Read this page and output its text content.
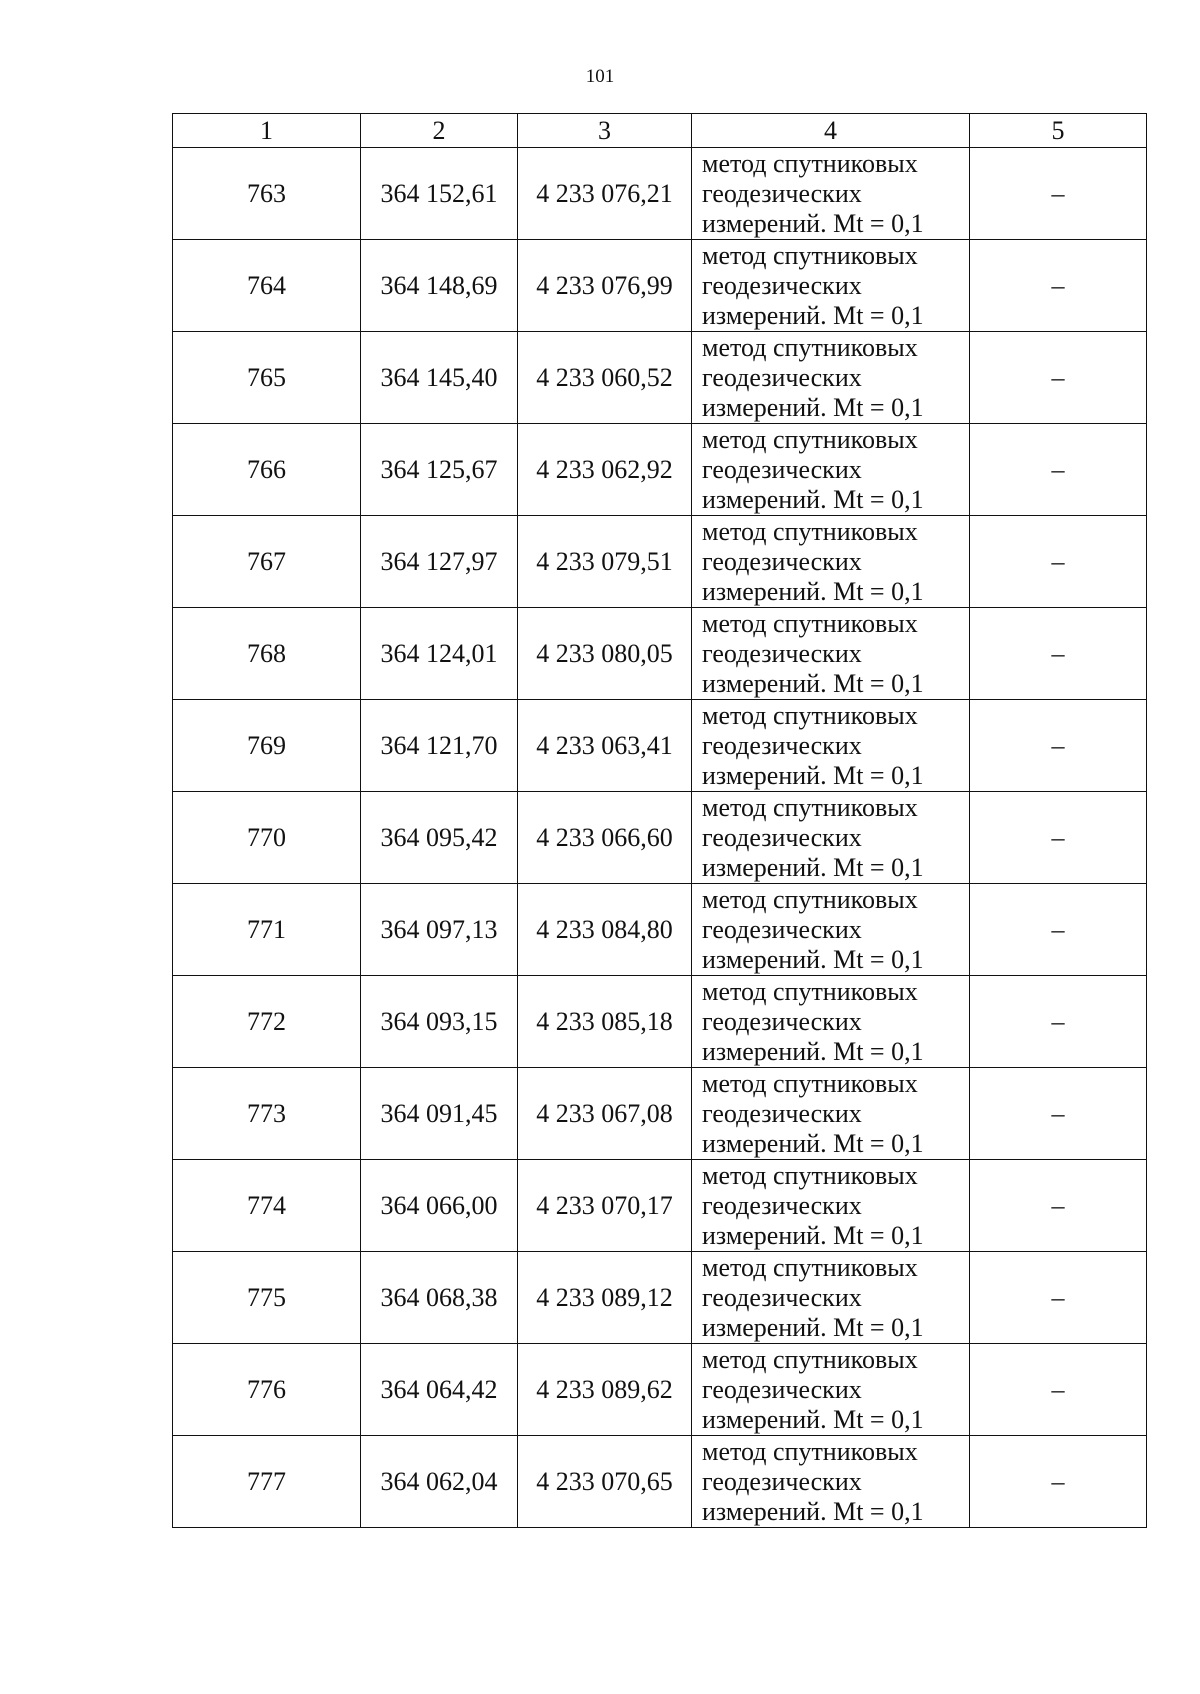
101
1	2	3	4	5
763	364 152,61	4 233 076,21	метод спутниковых
геодезических
измерений. Mt = 0,1	–
764	364 148,69	4 233 076,99	метод спутниковых
геодезических
измерений. Mt = 0,1	–
765	364 145,40	4 233 060,52	метод спутниковых
геодезических
измерений. Mt = 0,1	–
766	364 125,67	4 233 062,92	метод спутниковых
геодезических
измерений. Mt = 0,1	–
767	364 127,97	4 233 079,51	метод спутниковых
геодезических
измерений. Mt = 0,1	–
768	364 124,01	4 233 080,05	метод спутниковых
геодезических
измерений. Mt = 0,1	–
769	364 121,70	4 233 063,41	метод спутниковых
геодезических
измерений. Mt = 0,1	–
770	364 095,42	4 233 066,60	метод спутниковых
геодезических
измерений. Mt = 0,1	–
771	364 097,13	4 233 084,80	метод спутниковых
геодезических
измерений. Mt = 0,1	–
772	364 093,15	4 233 085,18	метод спутниковых
геодезических
измерений. Mt = 0,1	–
773	364 091,45	4 233 067,08	метод спутниковых
геодезических
измерений. Mt = 0,1	–
774	364 066,00	4 233 070,17	метод спутниковых
геодезических
измерений. Mt = 0,1	–
775	364 068,38	4 233 089,12	метод спутниковых
геодезических
измерений. Mt = 0,1	–
776	364 064,42	4 233 089,62	метод спутниковых
геодезических
измерений. Mt = 0,1	–
777	364 062,04	4 233 070,65	метод спутниковых
геодезических
измерений. Mt = 0,1	–
